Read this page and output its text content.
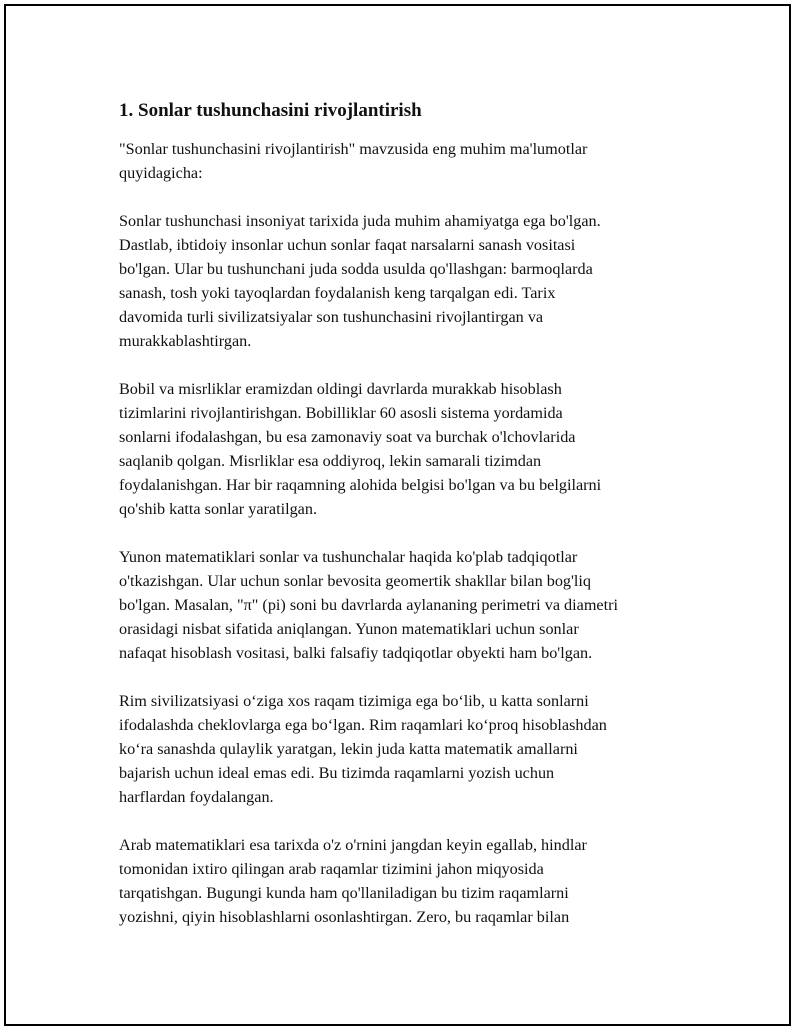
1. Sonlar tushunchasini rivojlantirish

"Sonlar tushunchasini rivojlantirish" mavzusida eng muhim ma'lumotlar
quyidagicha:

Sonlar tushunchasi insoniyat tarixida juda muhim ahamiyatga ega bo'lgan.
Dastlab, ibtidoiy insonlar uchun sonlar faqat narsalarni sanash vositasi
bo'lgan. Ular bu tushunchani juda sodda usulda qo'llashgan: barmoqlarda
sanash, tosh yoki tayoqlardan foydalanish keng tarqalgan edi. Tarix
davomida turli sivilizatsiyalar son tushunchasini rivojlantirgan va
murakkablashtirgan.

Bobil va misrliklar eramizdan oldingi davrlarda murakkab hisoblash
tizimlarini rivojlantirishgan. Bobilliklar 60 asosli sistema yordamida
sonlarni ifodalashgan, bu esa zamonaviy soat va burchak o'lchovlarida
saqlanib qolgan. Misrliklar esa oddiyroq, lekin samarali tizimdan
foydalanishgan. Har bir raqamning alohida belgisi bo'lgan va bu belgilarni
qo'shib katta sonlar yaratilgan.

Yunon matematiklari sonlar va tushunchalar haqida ko'plab tadqiqotlar
o'tkazishgan. Ular uchun sonlar bevosita geomertik shakllar bilan bog'liq
bo'lgan. Masalan, "π" (pi) soni bu davrlarda aylananing perimetri va diametri
orasidagi nisbat sifatida aniqlangan. Yunon matematiklari uchun sonlar
nafaqat hisoblash vositasi, balki falsafiy tadqiqotlar obyekti ham bo'lgan.

Rim sivilizatsiyasi o‘ziga xos raqam tizimiga ega bo‘lib, u katta sonlarni
ifodalashda cheklovlarga ega bo‘lgan. Rim raqamlari ko‘proq hisoblashdan
ko‘ra sanashda qulaylik yaratgan, lekin juda katta matematik amallarni
bajarish uchun ideal emas edi. Bu tizimda raqamlarni yozish uchun
harflardan foydalangan.

Arab matematiklari esa tarixda o'z o'rnini jangdan keyin egallab, hindlar
tomonidan ixtiro qilingan arab raqamlar tizimini jahon miqyosida
tarqatishgan. Bugungi kunda ham qo'llaniladigan bu tizim raqamlarni
yozishni, qiyin hisoblashlarni osonlashtirgan. Zero, bu raqamlar bilan
